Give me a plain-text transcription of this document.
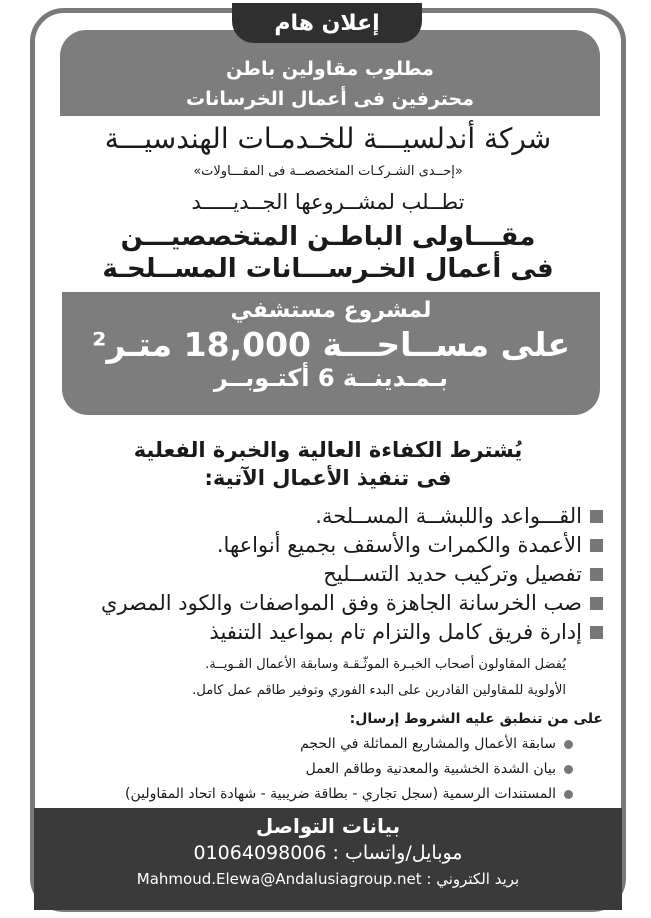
إعلان هام
مطلوب مقاولين باطن
محترفين فى أعمال الخرسانات
شركة أندلسيـــة للخـدمـات الهندسيـــة
«إحــدى الشـركـات المتخصصــة فى المقـــاولات»
تطــلب لمشــروعها الجــديـــــد
مقـــاولى الباطـن المتخصصيـــن
فى أعمال الخـرســـانات المســلحـة
لمشروع مستشفي
على مســاحـــة 18,000 متـر²
بـمـدينــة 6 أكتـوبــر
يُشترط الكفاءة العالية والخبرة الفعلية
فى تنفيذ الأعمال الآتية:
القـــواعد واللبشــة المســلحة.
الأعمدة والكمرات والأسقف بجميع أنواعها.
تفصيل وتركيب حديد التســليح
صب الخرسانة الجاهزة وفق المواصفات والكود المصري
إدارة فريق كامل والتزام تام بمواعيد التنفيذ
يُفضل المقاولون أصحاب الخبـرة الموثّـقـة وسابقة الأعمال القـويــة.
الأولوية للمقاولين القادرين على البدء الفوري وتوفير طاقم عمل كامل.
على من تنطبق عليه الشروط إرسال:
سابقة الأعمال والمشاريع المماثلة في الحجم
بيان الشدة الخشبية والمعدنية وطاقم العمل
المستندات الرسمية (سجل تجاري - بطاقة ضريبية - شهادة اتحاد المقاولين)
بيانات التواصل
موبايل/واتساب : 01064098006
بريد الكتروني : Mahmoud.Elewa@Andalusiagroup.net
